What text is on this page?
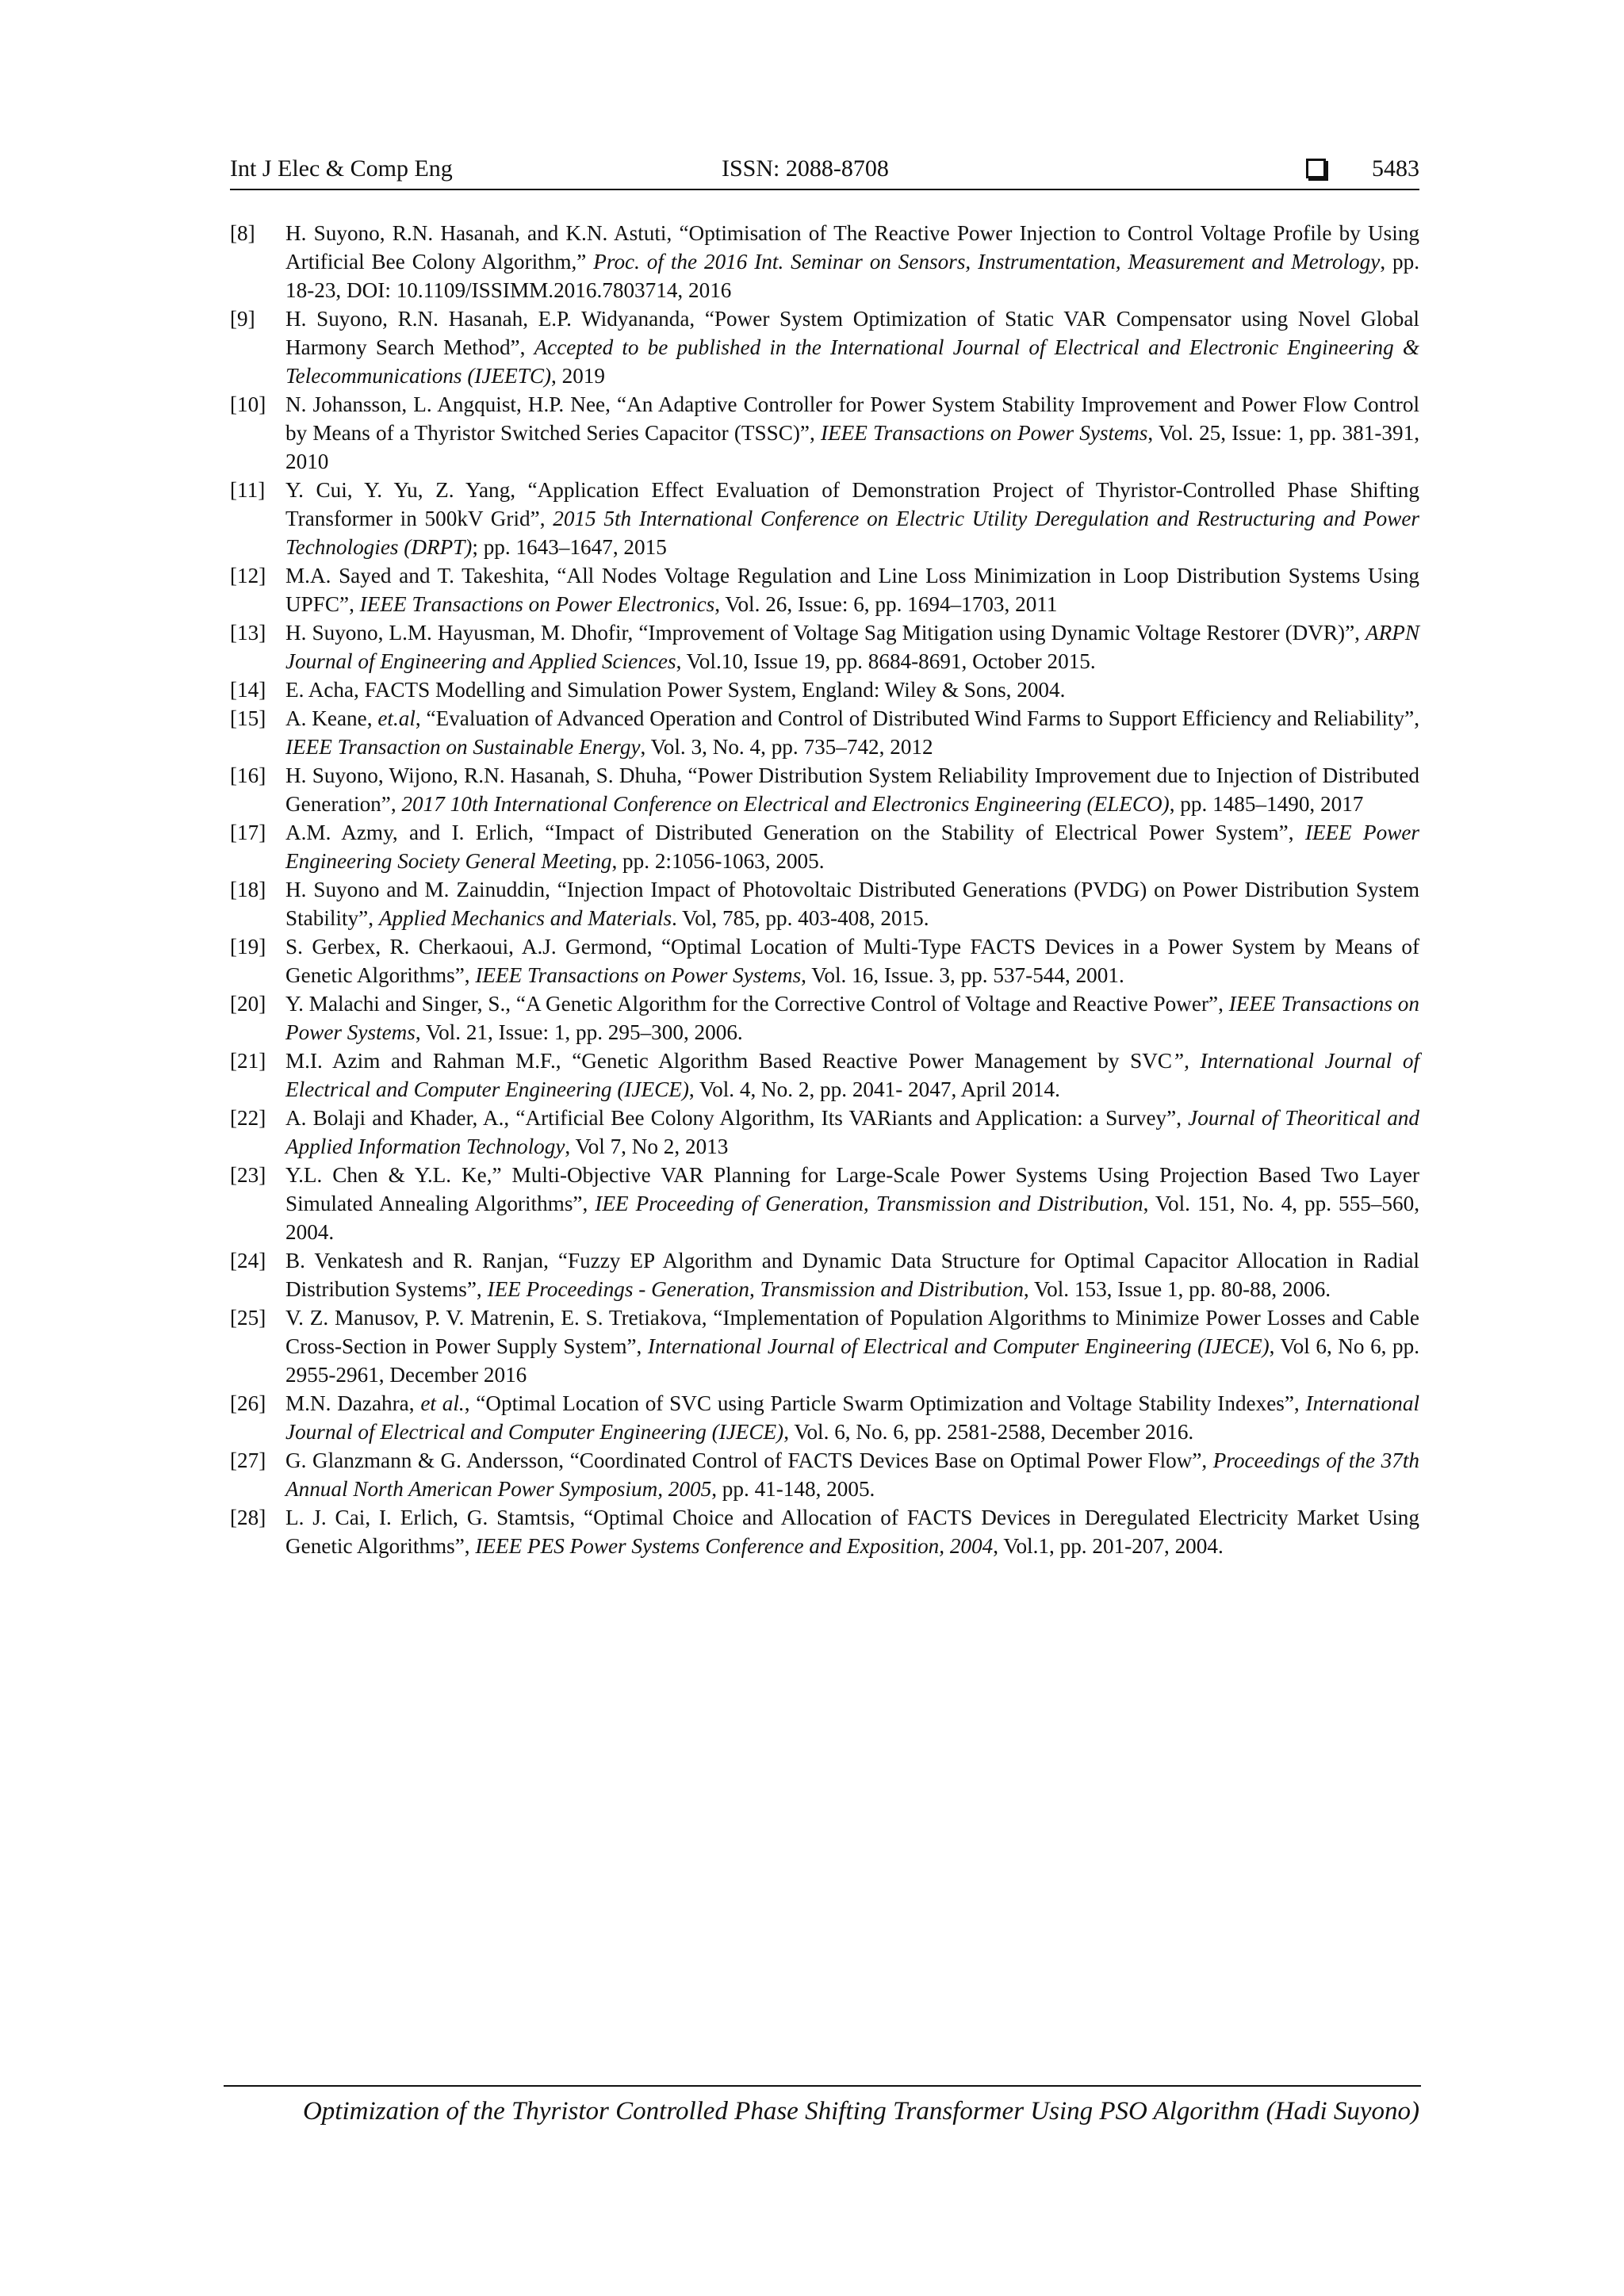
Int J Elec & Comp Eng	ISSN: 2088-8708	5483
[8]	H. Suyono, R.N. Hasanah, and K.N. Astuti, “Optimisation of The Reactive Power Injection to Control Voltage Profile by Using Artificial Bee Colony Algorithm,” Proc. of the 2016 Int. Seminar on Sensors, Instrumentation, Measurement and Metrology, pp. 18-23, DOI: 10.1109/ISSIMM.2016.7803714, 2016
[9]	H. Suyono, R.N. Hasanah, E.P. Widyananda, “Power System Optimization of Static VAR Compensator using Novel Global Harmony Search Method”, Accepted to be published in the International Journal of Electrical and Electronic Engineering & Telecommunications (IJEETC), 2019
[10] N. Johansson, L. Angquist, H.P. Nee, “An Adaptive Controller for Power System Stability Improvement and Power Flow Control by Means of a Thyristor Switched Series Capacitor (TSSC)”, IEEE Transactions on Power Systems, Vol. 25, Issue: 1, pp. 381-391, 2010
[11] Y. Cui, Y. Yu, Z. Yang, “Application Effect Evaluation of Demonstration Project of Thyristor-Controlled Phase Shifting Transformer in 500kV Grid”, 2015 5th International Conference on Electric Utility Deregulation and Restructuring and Power Technologies (DRPT); pp. 1643–1647, 2015
[12] M.A. Sayed and T. Takeshita, “All Nodes Voltage Regulation and Line Loss Minimization in Loop Distribution Systems Using UPFC”, IEEE Transactions on Power Electronics, Vol. 26, Issue: 6, pp. 1694–1703, 2011
[13] H. Suyono, L.M. Hayusman, M. Dhofir, “Improvement of Voltage Sag Mitigation using Dynamic Voltage Restorer (DVR)”, ARPN Journal of Engineering and Applied Sciences, Vol.10, Issue 19, pp. 8684-8691, October 2015.
[14] E. Acha, FACTS Modelling and Simulation Power System, England: Wiley & Sons, 2004.
[15] A. Keane, et.al, “Evaluation of Advanced Operation and Control of Distributed Wind Farms to Support Efficiency and Reliability”, IEEE Transaction on Sustainable Energy, Vol. 3, No. 4, pp. 735–742, 2012
[16] H. Suyono, Wijono, R.N. Hasanah, S. Dhuha, “Power Distribution System Reliability Improvement due to Injection of Distributed Generation”, 2017 10th International Conference on Electrical and Electronics Engineering (ELECO), pp. 1485–1490, 2017
[17] A.M. Azmy, and I. Erlich, “Impact of Distributed Generation on the Stability of Electrical Power System”, IEEE Power Engineering Society General Meeting, pp. 2:1056-1063, 2005.
[18] H. Suyono and M. Zainuddin, “Injection Impact of Photovoltaic Distributed Generations (PVDG) on Power Distribution System Stability”, Applied Mechanics and Materials. Vol, 785, pp. 403-408, 2015.
[19] S. Gerbex, R. Cherkaoui, A.J. Germond, “Optimal Location of Multi-Type FACTS Devices in a Power System by Means of Genetic Algorithms”, IEEE Transactions on Power Systems, Vol. 16, Issue. 3, pp. 537-544, 2001.
[20] Y. Malachi and Singer, S., “A Genetic Algorithm for the Corrective Control of Voltage and Reactive Power”, IEEE Transactions on Power Systems, Vol. 21, Issue: 1, pp. 295–300, 2006.
[21] M.I. Azim and Rahman M.F., “Genetic Algorithm Based Reactive Power Management by SVC”, International Journal of Electrical and Computer Engineering (IJECE), Vol. 4, No. 2, pp. 2041- 2047, April 2014.
[22] A. Bolaji and Khader, A., “Artificial Bee Colony Algorithm, Its VARiants and Application: a Survey”, Journal of Theoritical and Applied Information Technology, Vol 7, No 2, 2013
[23] Y.L. Chen & Y.L. Ke,” Multi-Objective VAR Planning for Large-Scale Power Systems Using Projection Based Two Layer Simulated Annealing Algorithms”, IEE Proceeding of Generation, Transmission and Distribution, Vol. 151, No. 4, pp. 555–560, 2004.
[24] B. Venkatesh and R. Ranjan, “Fuzzy EP Algorithm and Dynamic Data Structure for Optimal Capacitor Allocation in Radial Distribution Systems”, IEE Proceedings - Generation, Transmission and Distribution, Vol. 153, Issue 1, pp. 80-88, 2006.
[25] V. Z. Manusov, P. V. Matrenin, E. S. Tretiakova, “Implementation of Population Algorithms to Minimize Power Losses and Cable Cross-Section in Power Supply System”, International Journal of Electrical and Computer Engineering (IJECE), Vol 6, No 6, pp. 2955-2961, December 2016
[26] M.N. Dazahra, et al., “Optimal Location of SVC using Particle Swarm Optimization and Voltage Stability Indexes”, International Journal of Electrical and Computer Engineering (IJECE), Vol. 6, No. 6, pp. 2581-2588, December 2016.
[27] G. Glanzmann & G. Andersson, “Coordinated Control of FACTS Devices Base on Optimal Power Flow”, Proceedings of the 37th Annual North American Power Symposium, 2005, pp. 41-148, 2005.
[28] L. J. Cai, I. Erlich, G. Stamtsis, “Optimal Choice and Allocation of FACTS Devices in Deregulated Electricity Market Using Genetic Algorithms”, IEEE PES Power Systems Conference and Exposition, 2004, Vol.1, pp. 201-207, 2004.
Optimization of the Thyristor Controlled Phase Shifting Transformer Using PSO Algorithm (Hadi Suyono)
